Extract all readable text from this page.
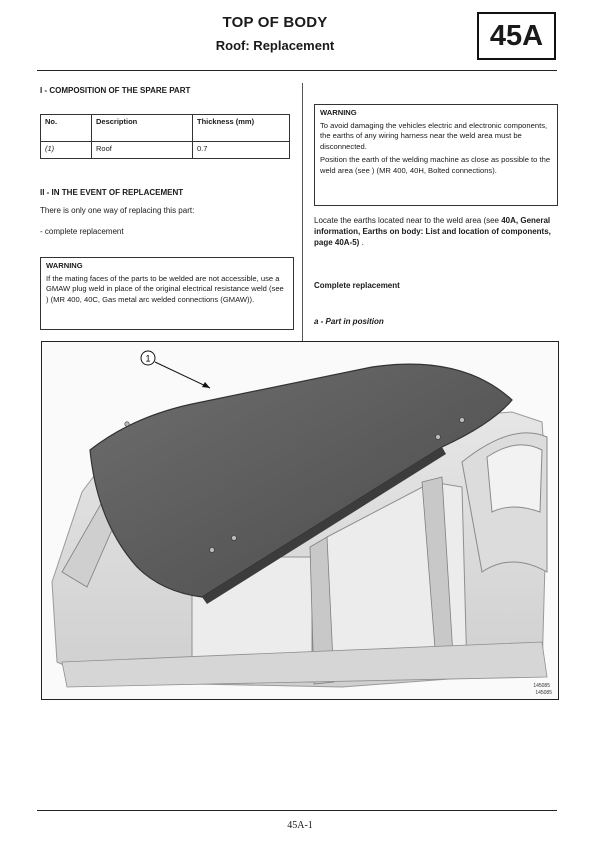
TOP OF BODY
Roof: Replacement	45A
I - COMPOSITION OF THE SPARE PART
No.	Description	Thickness (mm)
(1)	Roof	0.7
II - IN THE EVENT OF REPLACEMENT
There is only one way of replacing this part:
- complete replacement
WARNING

If the mating faces of the parts to be welded are not accessible, use a GMAW plug weld in place of the original electrical resistance weld (see ) (MR 400, 40C, Gas metal arc welded connections (GMAW)).

WARNING

To avoid damaging the vehicles electric and electronic components, the earths of any wiring harness near the weld area must be disconnected.

Position the earth of the welding machine as close as possible to the weld area (see ) (MR 400, 40H, Bolted connections).

Locate the earths located near to the weld area (see 40A, General information, Earths on body: List and location of components, page 40A-5) .
Complete replacement
a - Part in position
1
145085
145085
45A-1
